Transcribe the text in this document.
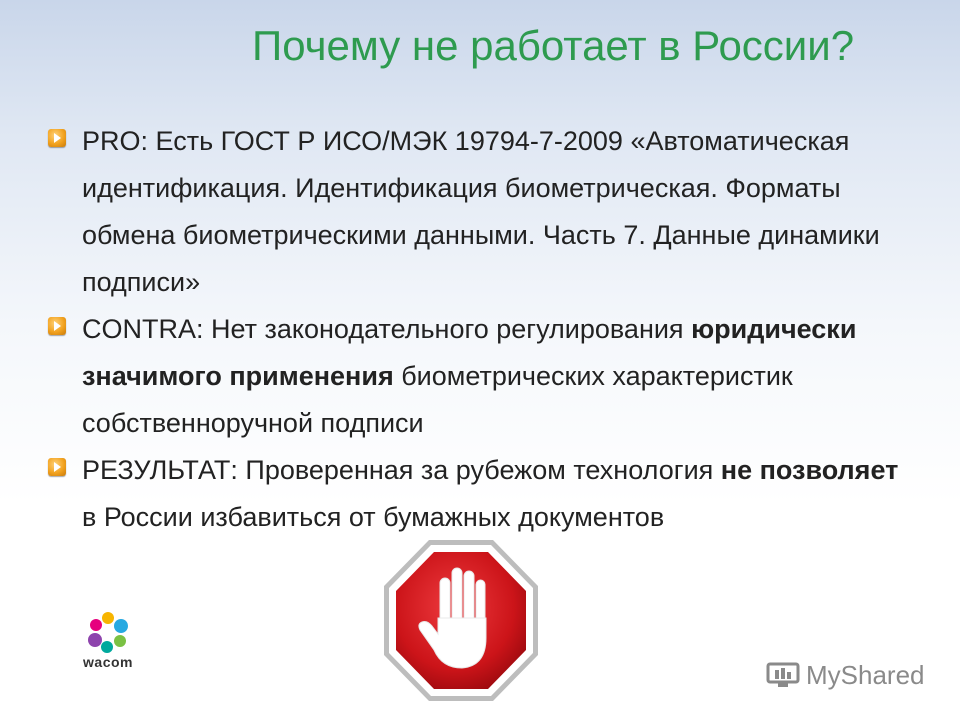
Почему не работает в России?
PRO: Есть ГОСТ Р ИСО/МЭК 19794-7-2009 «Автоматическая идентификация. Идентификация биометрическая. Форматы обмена биометрическими данными. Часть 7. Данные динамики подписи»
CONTRA: Нет законодательного регулирования юридически значимого применения биометрических характеристик собственноручной подписи
РЕЗУЛЬТАТ: Проверенная за рубежом технология не позволяет в России избавиться от бумажных документов
wacom	MyShared
